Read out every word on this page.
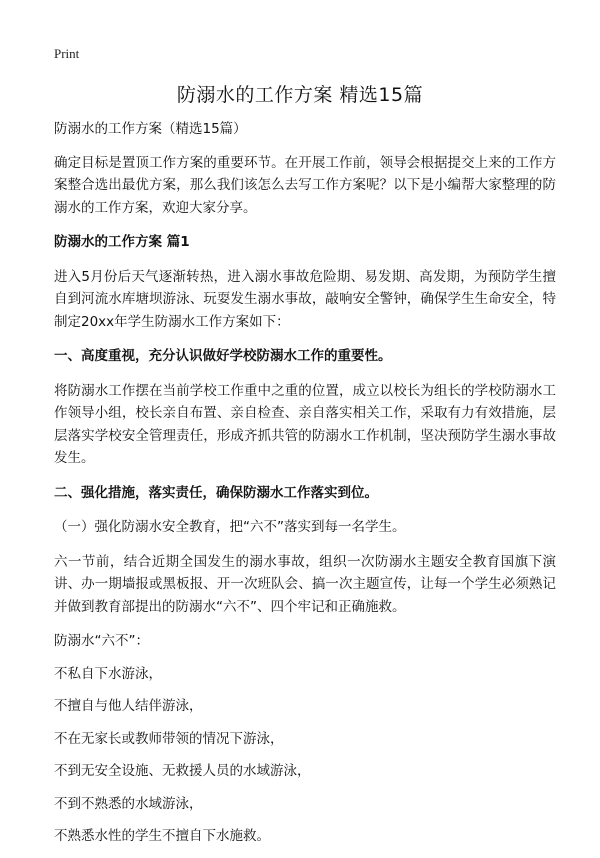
Print
防溺水的工作方案 精选15篇

防溺水的工作方案（精选15篇）

确定目标是置顶工作方案的重要环节。在开展工作前，领导会根据提交上来的工作方案整合选出最优方案，那么我们该怎么去写工作方案呢？以下是小编帮大家整理的防溺水的工作方案，欢迎大家分享。

防溺水的工作方案 篇1

进入5月份后天气逐渐转热，进入溺水事故危险期、易发期、高发期，为预防学生擅自到河流水库塘坝游泳、玩耍发生溺水事故，敲响安全警钟，确保学生生命安全，特制定20xx年学生防溺水工作方案如下：

一、高度重视，充分认识做好学校防溺水工作的重要性。

将防溺水工作摆在当前学校工作重中之重的位置，成立以校长为组长的学校防溺水工作领导小组，校长亲自布置、亲自检查、亲自落实相关工作，采取有力有效措施，层层落实学校安全管理责任，形成齐抓共管的防溺水工作机制，坚决预防学生溺水事故发生。

二、强化措施，落实责任，确保防溺水工作落实到位。

（一）强化防溺水安全教育，把“六不”落实到每一名学生。

六一节前，结合近期全国发生的溺水事故，组织一次防溺水主题安全教育国旗下演讲、办一期墙报或黑板报、开一次班队会、搞一次主题宣传，让每一个学生必须熟记并做到教育部提出的防溺水“六不”、四个牢记和正确施救。

防溺水“六不”：

不私自下水游泳，

不擅自与他人结伴游泳，

不在无家长或教师带领的情况下游泳，

不到无安全设施、无救援人员的水域游泳，

不到不熟悉的水域游泳，

不熟悉水性的学生不擅自下水施救。
